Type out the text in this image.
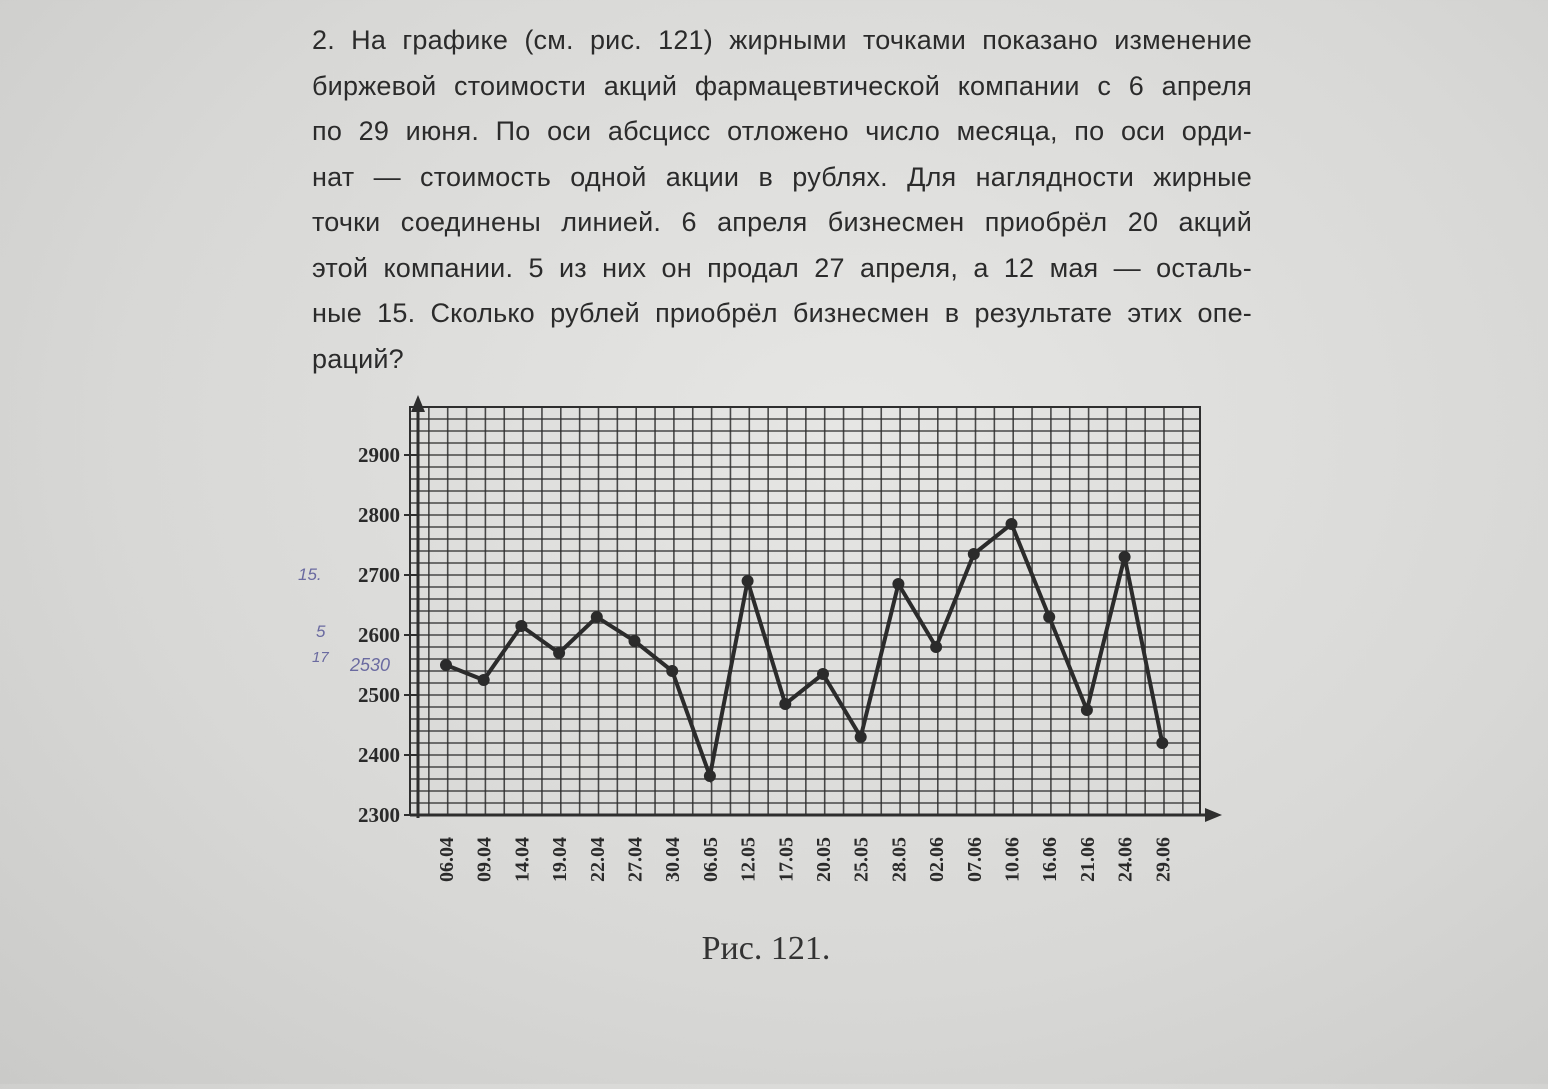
2. На графике (см. рис. 121) жирными точками показано изменение
биржевой стоимости акций фармацевтической компании с 6 апреля
по 29 июня. По оси абсцисс отложено число месяца, по оси орди-
нат — стоимость одной акции в рублях. Для наглядности жирные
точки соединены линией. 6 апреля бизнесмен приобрёл 20 акций
этой компании. 5 из них он продал 27 апреля, а 12 мая — осталь-
ные 15. Сколько рублей приобрёл бизнесмен в результате этих опе-
раций?
2300
2400
2500
2600
2700
2800
2900
06.04 09.04 14.04 19.04 22.04 27.04 30.04 06.05 12.05 17.05 20.05 25.05 28.05 02.06 07.06 10.06 16.06 21.06 24.06 29.06
15.
5
17 2530
Рис. 121.
